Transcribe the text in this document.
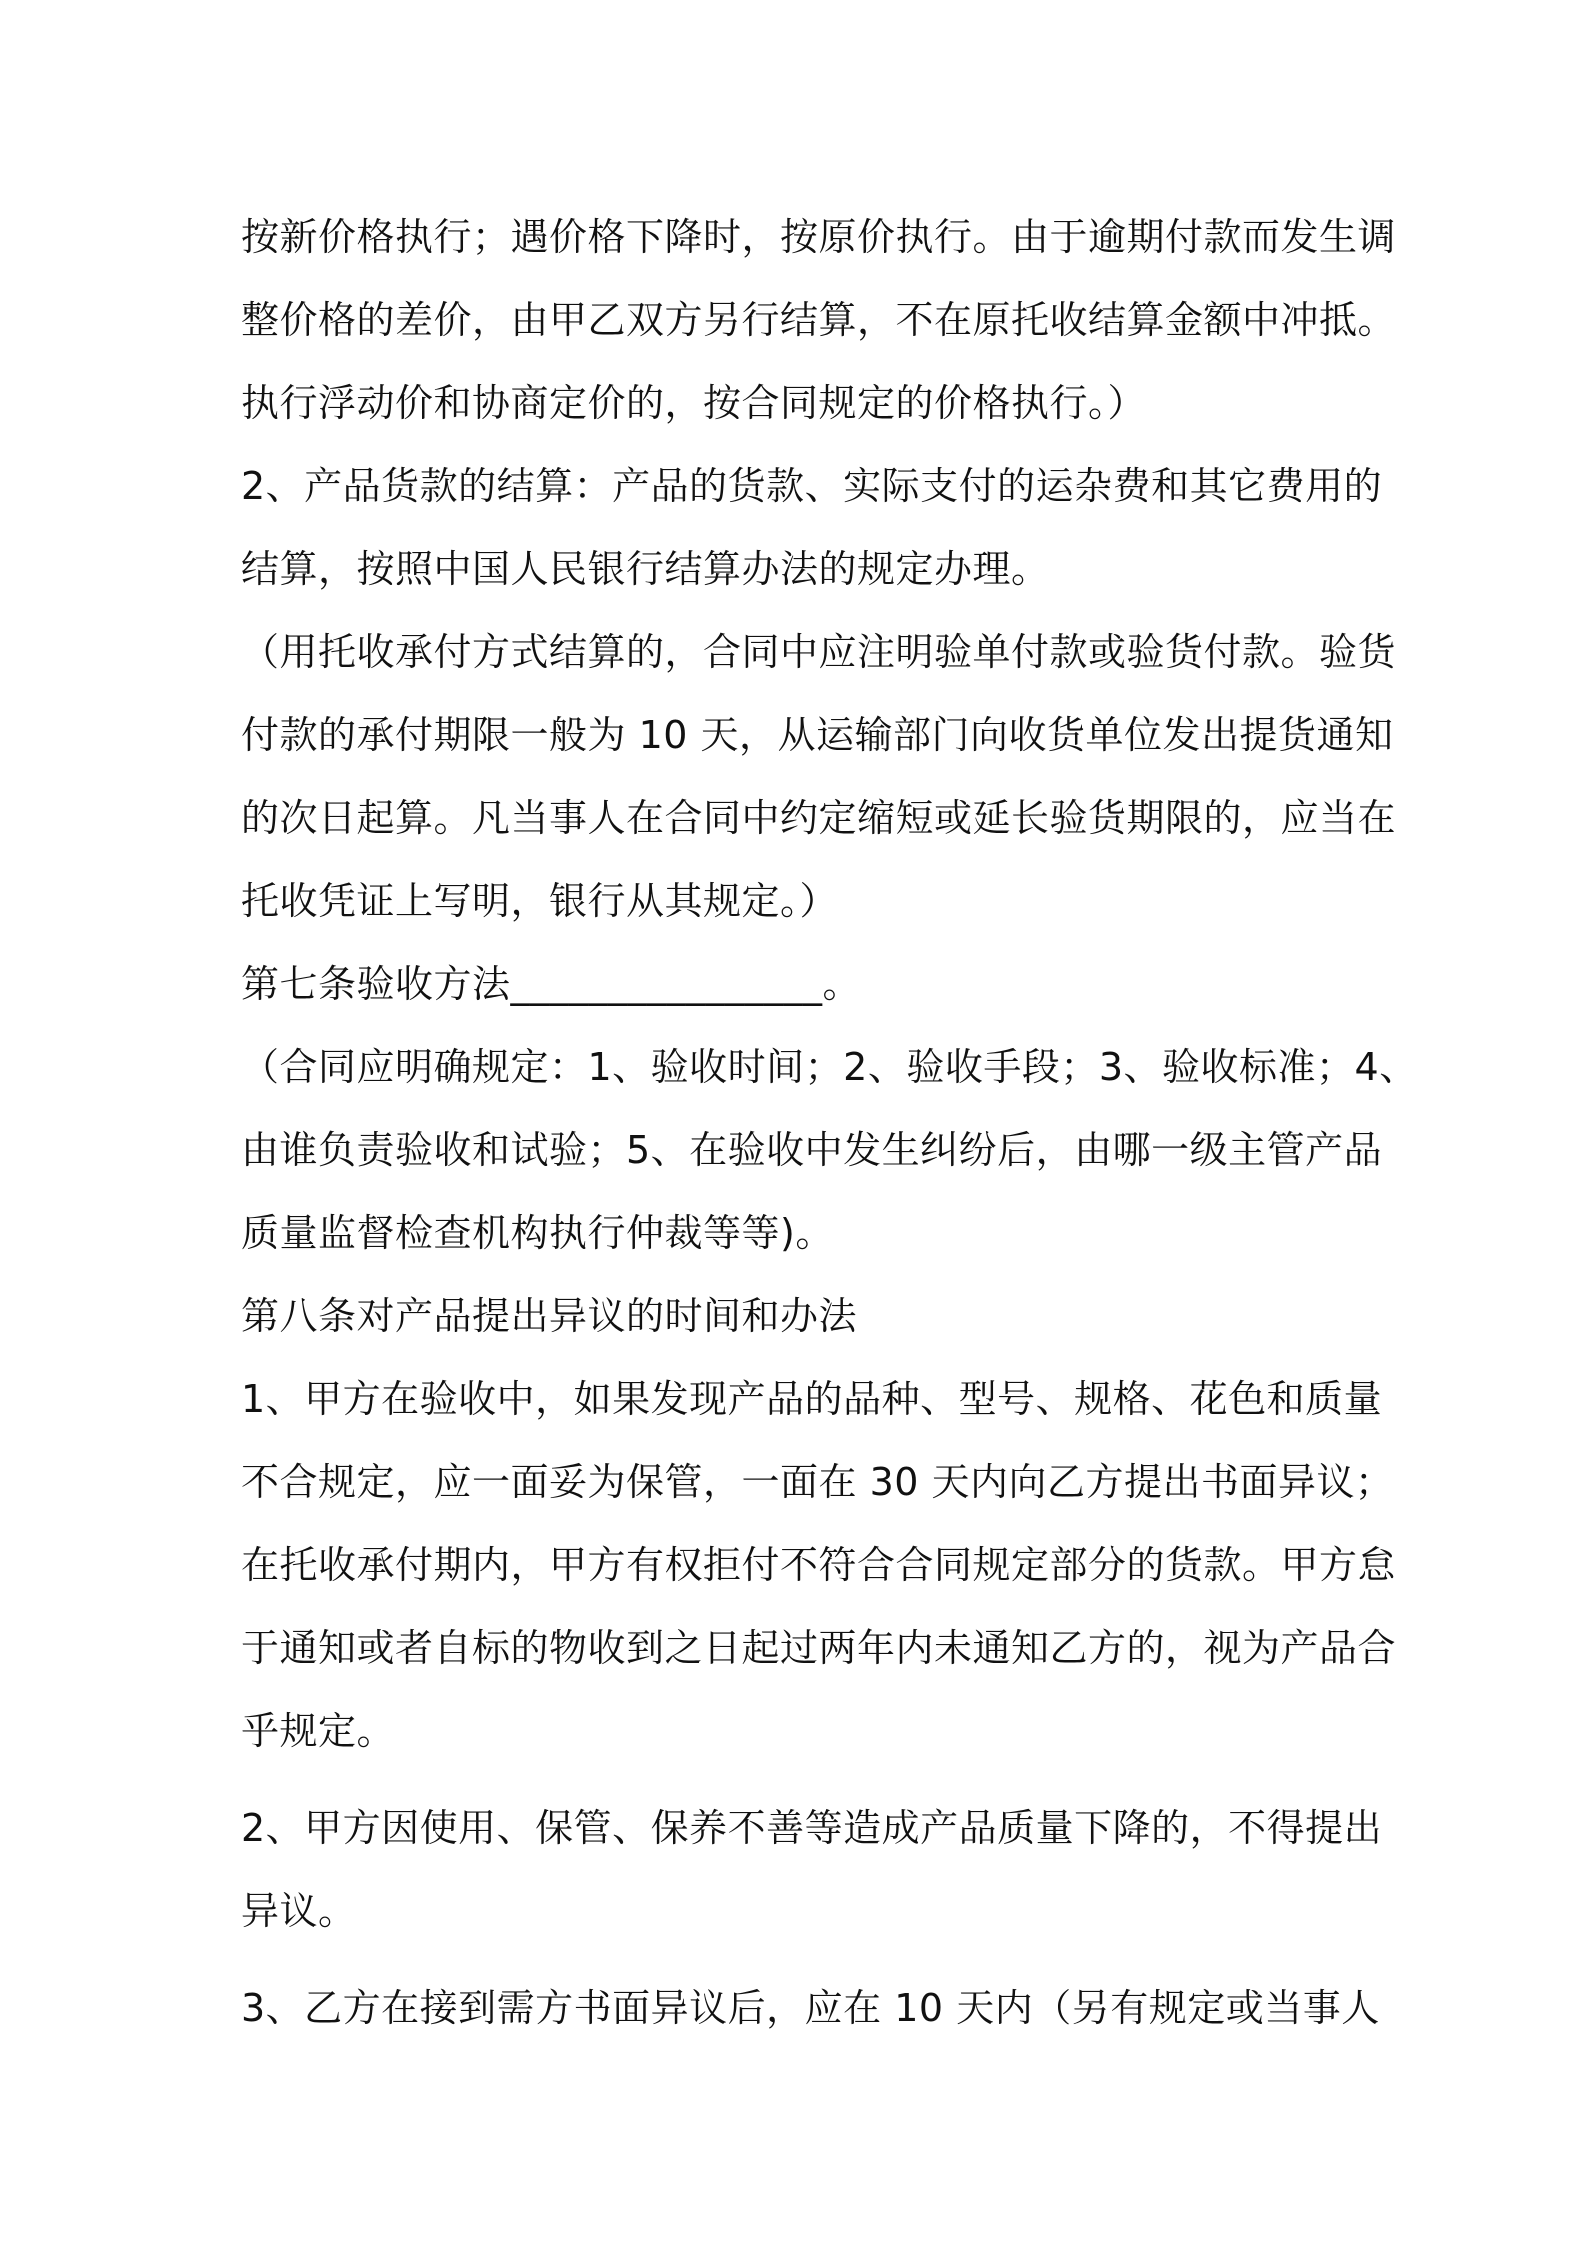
按新价格执行；遇价格下降时，按原价执行。由于逾期付款而发生调
整价格的差价，由甲乙双方另行结算，不在原托收结算金额中冲抵。
执行浮动价和协商定价的，按合同规定的价格执行。）
2、产品货款的结算：产品的货款、实际支付的运杂费和其它费用的
结算，按照中国人民银行结算办法的规定办理。
（用托收承付方式结算的，合同中应注明验单付款或验货付款。验货
付款的承付期限一般为 10 天，从运输部门向收货单位发出提货通知
的次日起算。凡当事人在合同中约定缩短或延长验货期限的，应当在
托收凭证上写明，银行从其规定。）
第七条验收方法________________。
（合同应明确规定：1、验收时间；2、验收手段；3、验收标准；4、
由谁负责验收和试验；5、在验收中发生纠纷后，由哪一级主管产品
质量监督检查机构执行仲裁等等)。
第八条对产品提出异议的时间和办法
1、甲方在验收中，如果发现产品的品种、型号、规格、花色和质量
不合规定，应一面妥为保管，一面在 30 天内向乙方提出书面异议；
在托收承付期内，甲方有权拒付不符合合同规定部分的货款。甲方怠
于通知或者自标的物收到之日起过两年内未通知乙方的，视为产品合
乎规定。
2、甲方因使用、保管、保养不善等造成产品质量下降的，不得提出
异议。
3、乙方在接到需方书面异议后，应在 10 天内（另有规定或当事人
